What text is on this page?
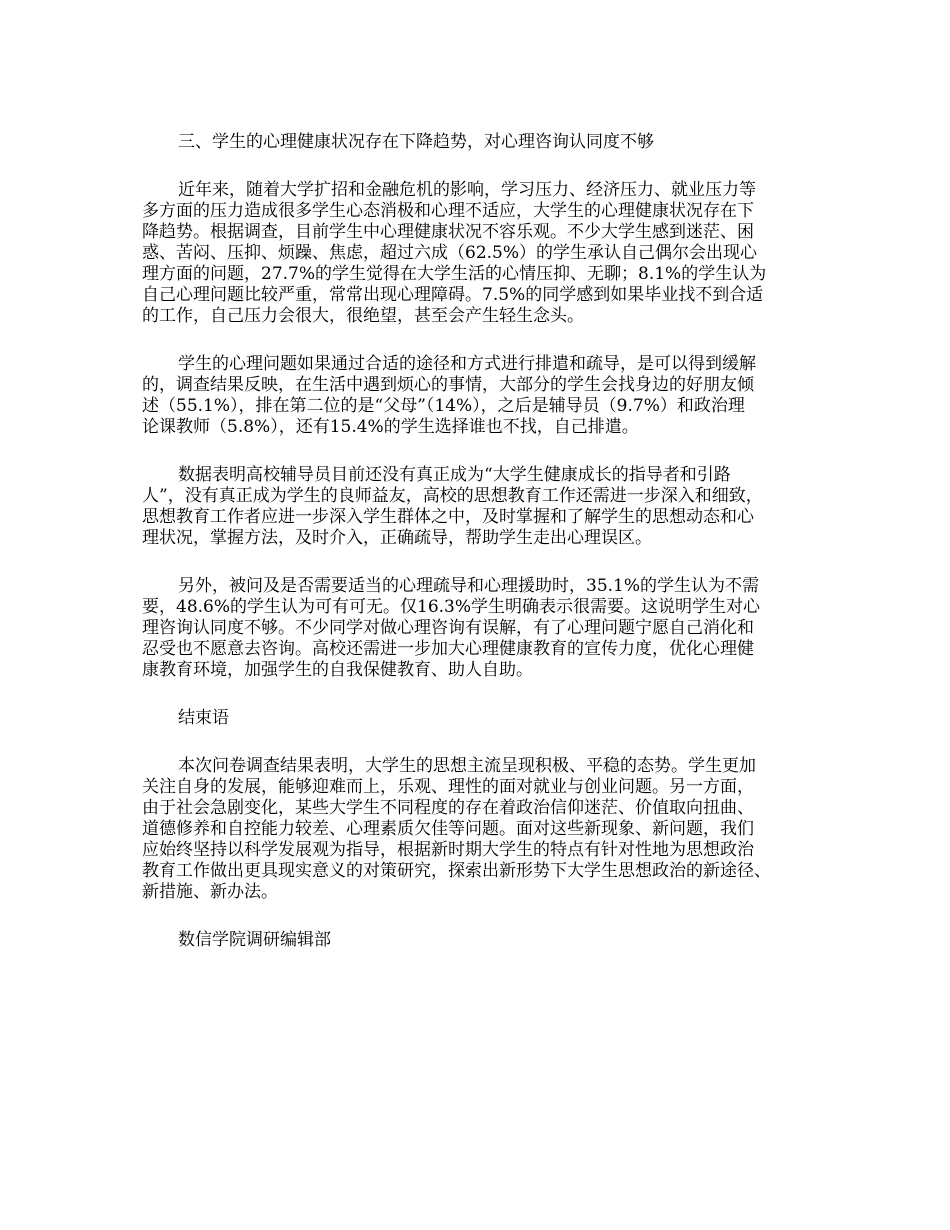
三、学生的心理健康状况存在下降趋势，对心理咨询认同度不够
近年来，随着大学扩招和金融危机的影响，学习压力、经济压力、就业压力等
多方面的压力造成很多学生心态消极和心理不适应，大学生的心理健康状况存在下
降趋势。根据调查，目前学生中心理健康状况不容乐观。不少大学生感到迷茫、困
惑、苦闷、压抑、烦躁、焦虑，超过六成（62.5%）的学生承认自己偶尔会出现心
理方面的问题，27.7%的学生觉得在大学生活的心情压抑、无聊；8.1%的学生认为
自己心理问题比较严重，常常出现心理障碍。7.5%的同学感到如果毕业找不到合适
的工作，自己压力会很大，很绝望，甚至会产生轻生念头。
学生的心理问题如果通过合适的途径和方式进行排遣和疏导，是可以得到缓解
的，调查结果反映，在生活中遇到烦心的事情，大部分的学生会找身边的好朋友倾
述（55.1%），排在第二位的是“父母”（14%），之后是辅导员（9.7%）和政治理
论课教师（5.8%），还有15.4%的学生选择谁也不找，自己排遣。
数据表明高校辅导员目前还没有真正成为“大学生健康成长的指导者和引路
人”，没有真正成为学生的良师益友，高校的思想教育工作还需进一步深入和细致，
思想教育工作者应进一步深入学生群体之中，及时掌握和了解学生的思想动态和心
理状况，掌握方法，及时介入，正确疏导，帮助学生走出心理误区。
另外，被问及是否需要适当的心理疏导和心理援助时，35.1%的学生认为不需
要，48.6%的学生认为可有可无。仅16.3%学生明确表示很需要。这说明学生对心
理咨询认同度不够。不少同学对做心理咨询有误解，有了心理问题宁愿自己消化和
忍受也不愿意去咨询。高校还需进一步加大心理健康教育的宣传力度，优化心理健
康教育环境，加强学生的自我保健教育、助人自助。
结束语
本次问卷调查结果表明，大学生的思想主流呈现积极、平稳的态势。学生更加
关注自身的发展，能够迎难而上，乐观、理性的面对就业与创业问题。另一方面，
由于社会急剧变化，某些大学生不同程度的存在着政治信仰迷茫、价值取向扭曲、
道德修养和自控能力较差、心理素质欠佳等问题。面对这些新现象、新问题，我们
应始终坚持以科学发展观为指导，根据新时期大学生的特点有针对性地为思想政治
教育工作做出更具现实意义的对策研究，探索出新形势下大学生思想政治的新途径、
新措施、新办法。
数信学院调研编辑部
